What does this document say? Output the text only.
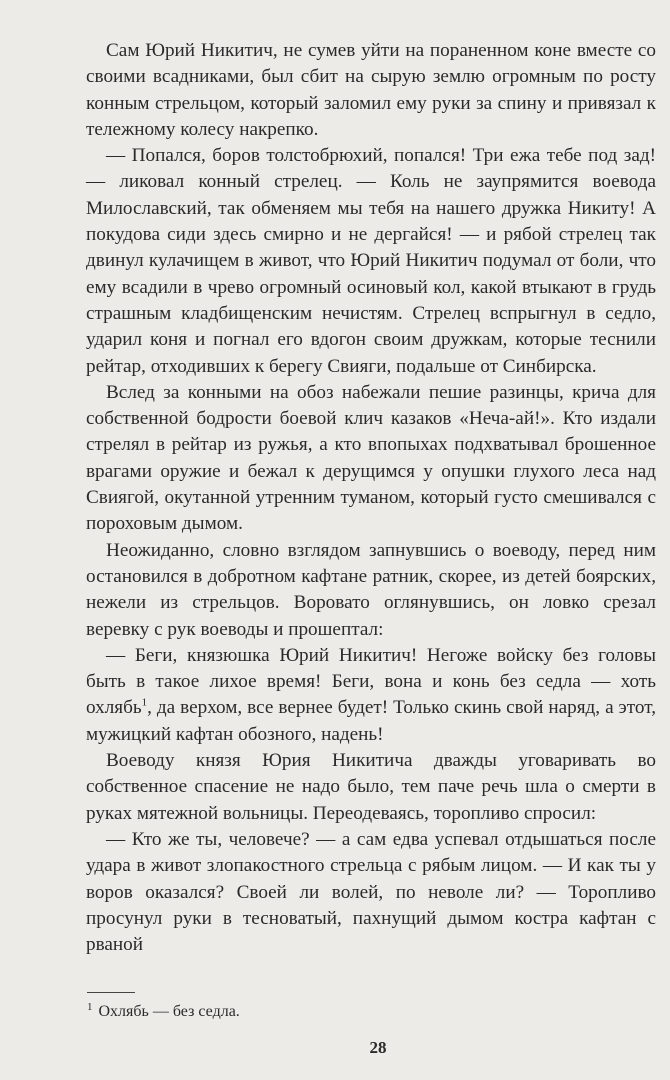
Сам Юрий Никитич, не сумев уйти на пораненном коне вместе со своими всадниками, был сбит на сырую землю огромным по росту конным стрельцом, который заломил ему руки за спину и привязал к тележному колесу накрепко.

— Попался, боров толстобрюхий, попался! Три ежа тебе под зад! — ликовал конный стрелец. — Коль не заупрямится воевода Милославский, так обменяем мы тебя на нашего дружка Никиту! А покудова сиди здесь смирно и не дергайся! — и рябой стрелец так двинул кулачищем в живот, что Юрий Никитич подумал от боли, что ему всадили в чрево огромный осиновый кол, какой втыкают в грудь страшным кладбищенским нечистям. Стрелец вспрыгнул в седло, ударил коня и погнал его вдогон своим дружкам, которые теснили рейтар, отходивших к берегу Свияги, подальше от Синбирска.

Вслед за конными на обоз набежали пешие разинцы, крича для собственной бодрости боевой клич казаков «Неча-ай!». Кто издали стрелял в рейтар из ружья, а кто впопыхах подхватывал брошенное врагами оружие и бежал к дерущимся у опушки глухого леса над Свиягой, окутанной утренним туманом, который густо смешивался с пороховым дымом.

Неожиданно, словно взглядом запнувшись о воеводу, перед ним остановился в добротном кафтане ратник, скорее, из детей боярских, нежели из стрельцов. Воровато оглянувшись, он ловко срезал веревку с рук воеводы и прошептал:

— Беги, князюшка Юрий Никитич! Негоже войску без головы быть в такое лихое время! Беги, вона и конь без седла — хоть охлябь$^1$, да верхом, все вернее будет! Только скинь свой наряд, а этот, мужицкий кафтан обозного, надень!

Воеводу князя Юрия Никитича дважды уговаривать во собственное спасение не надо было, тем паче речь шла о смерти в руках мятежной вольницы. Переодеваясь, торопливо спросил:

— Кто же ты, человече? — а сам едва успевал отдышаться после удара в живот злопакостного стрельца с рябым лицом. — И как ты у воров оказался? Своей ли волей, по неволе ли? — Торопливо просунул руки в тесноватый, пахнущий дымом костра кафтан с рваной

$^1$ Охлябь — без седла.
28
